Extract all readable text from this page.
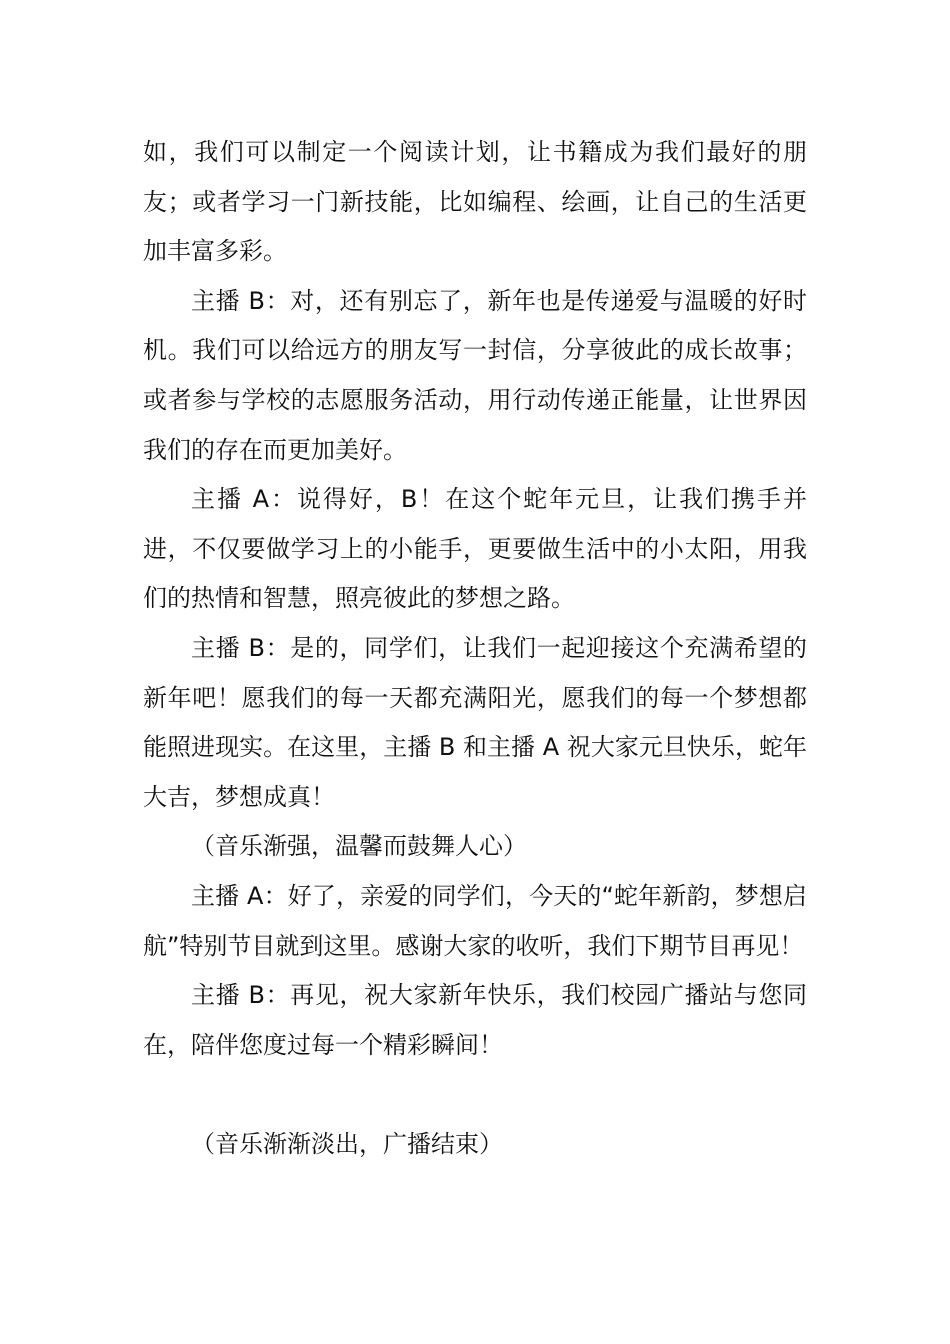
如，我们可以制定一个阅读计划，让书籍成为我们最好的朋友；或者学习一门新技能，比如编程、绘画，让自己的生活更加丰富多彩。

主播 B：对，还有别忘了，新年也是传递爱与温暖的好时机。我们可以给远方的朋友写一封信，分享彼此的成长故事；或者参与学校的志愿服务活动，用行动传递正能量，让世界因我们的存在而更加美好。

主播 A：说得好，B！在这个蛇年元旦，让我们携手并进，不仅要做学习上的小能手，更要做生活中的小太阳，用我们的热情和智慧，照亮彼此的梦想之路。

主播 B：是的，同学们，让我们一起迎接这个充满希望的新年吧！愿我们的每一天都充满阳光，愿我们的每一个梦想都能照进现实。在这里，主播 B 和主播 A 祝大家元旦快乐，蛇年大吉，梦想成真！

（音乐渐强，温馨而鼓舞人心）

主播 A：好了，亲爱的同学们，今天的“蛇年新韵，梦想启航”特别节目就到这里。感谢大家的收听，我们下期节目再见！

主播 B：再见，祝大家新年快乐，我们校园广播站与您同在，陪伴您度过每一个精彩瞬间！

（音乐渐渐淡出，广播结束）
